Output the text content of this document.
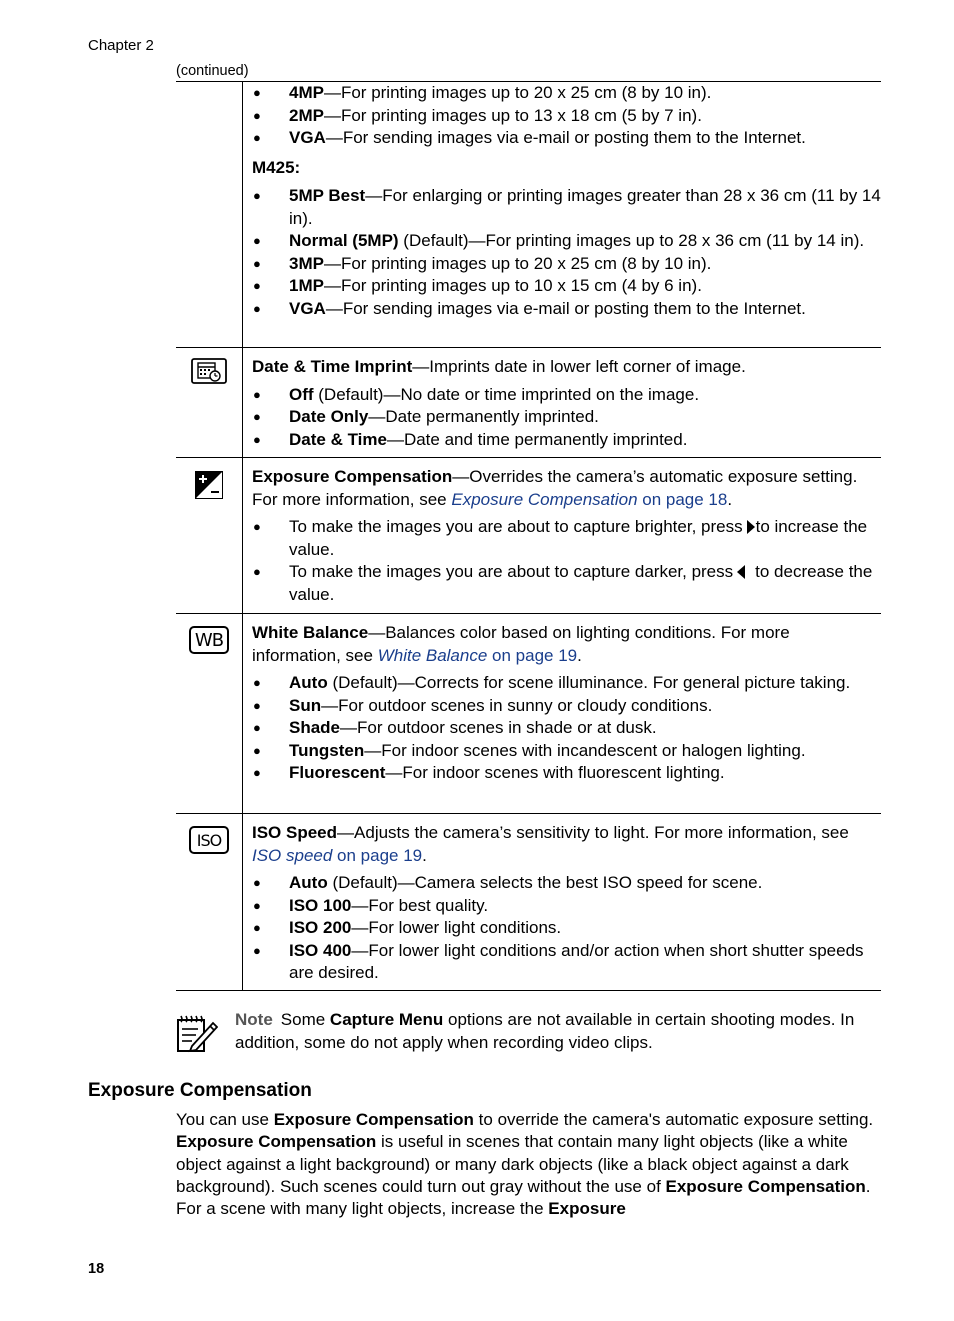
Chapter 2
(continued)
● 4MP—For printing images up to 20 x 25 cm (8 by 10 in).
● 2MP—For printing images up to 13 x 18 cm (5 by 7 in).
● VGA—For sending images via e-mail or posting them to the Internet.

M425:

● 5MP Best—For enlarging or printing images greater than 28 x 36 cm (11 by 14 in).
● Normal (5MP) (Default)—For printing images up to 28 x 36 cm (11 by 14 in).
● 3MP—For printing images up to 20 x 25 cm (8 by 10 in).
● 1MP—For printing images up to 10 x 15 cm (4 by 6 in).
● VGA—For sending images via e-mail or posting them to the Internet.

Date & Time Imprint—Imprints date in lower left corner of image.

● Off (Default)—No date or time imprinted on the image.
● Date Only—Date permanently imprinted.
● Date & Time—Date and time permanently imprinted.

Exposure Compensation—Overrides the camera’s automatic exposure setting. For more information, see Exposure Compensation on page 18.

● To make the images you are about to capture brighter, press to increase the value.
● To make the images you are about to capture darker, press to decrease the value.
WB White Balance—Balances color based on lighting conditions. For more information, see White Balance on page 19.

● Auto (Default)—Corrects for scene illuminance. For general picture taking.
● Sun—For outdoor scenes in sunny or cloudy conditions.
● Shade—For outdoor scenes in shade or at dusk.
● Tungsten—For indoor scenes with incandescent or halogen lighting.
● Fluorescent—For indoor scenes with fluorescent lighting.
ISO ISO Speed—Adjusts the camera’s sensitivity to light. For more information, see ISO speed on page 19.

● Auto (Default)—Camera selects the best ISO speed for scene.
● ISO 100—For best quality.
● ISO 200—For lower light conditions.
● ISO 400—For lower light conditions and/or action when short shutter speeds are desired.

Note Some Capture Menu options are not available in certain shooting modes. In addition, some do not apply when recording video clips.

Exposure Compensation

You can use Exposure Compensation to override the camera's automatic exposure setting. Exposure Compensation is useful in scenes that contain many light objects (like a white object against a light background) or many dark objects (like a black object against a dark background). Such scenes could turn out gray without the use of Exposure Compensation. For a scene with many light objects, increase the Exposure

18
